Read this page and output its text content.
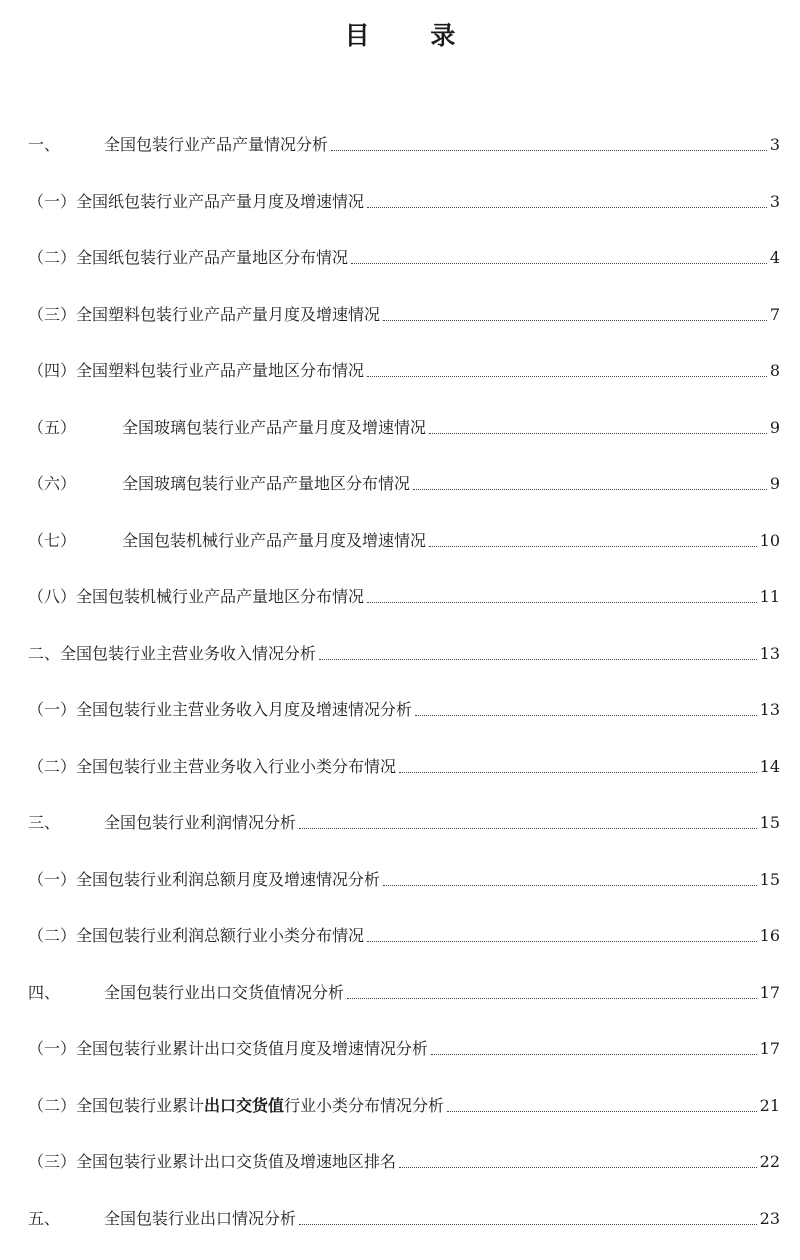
目 录
一、	全国包装行业产品产量情况分析	3
（一） 全国纸包装行业产品产量月度及增速情况	3
（二） 全国纸包装行业产品产量地区分布情况	4
（三） 全国塑料包装行业产品产量月度及增速情况	7
（四） 全国塑料包装行业产品产量地区分布情况	8
（五）	全国玻璃包装行业产品产量月度及增速情况	9
（六）	全国玻璃包装行业产品产量地区分布情况	9
（七）	全国包装机械行业产品产量月度及增速情况	10
（八） 全国包装机械行业产品产量地区分布情况	11
二、 全国包装行业主营业务收入情况分析	13
（一） 全国包装行业主营业务收入月度及增速情况分析	13
（二） 全国包装行业主营业务收入行业小类分布情况	14
三、	全国包装行业利润情况分析	15
（一） 全国包装行业利润总额月度及增速情况分析	15
（二） 全国包装行业利润总额行业小类分布情况	16
四、	全国包装行业出口交货值情况分析	17
（一） 全国包装行业累计出口交货值月度及增速情况分析	17
（二） 全国包装行业累计出口交货值行业小类分布情况分析	21
（三） 全国包装行业累计出口交货值及增速地区排名	22
五、	全国包装行业出口情况分析	23
